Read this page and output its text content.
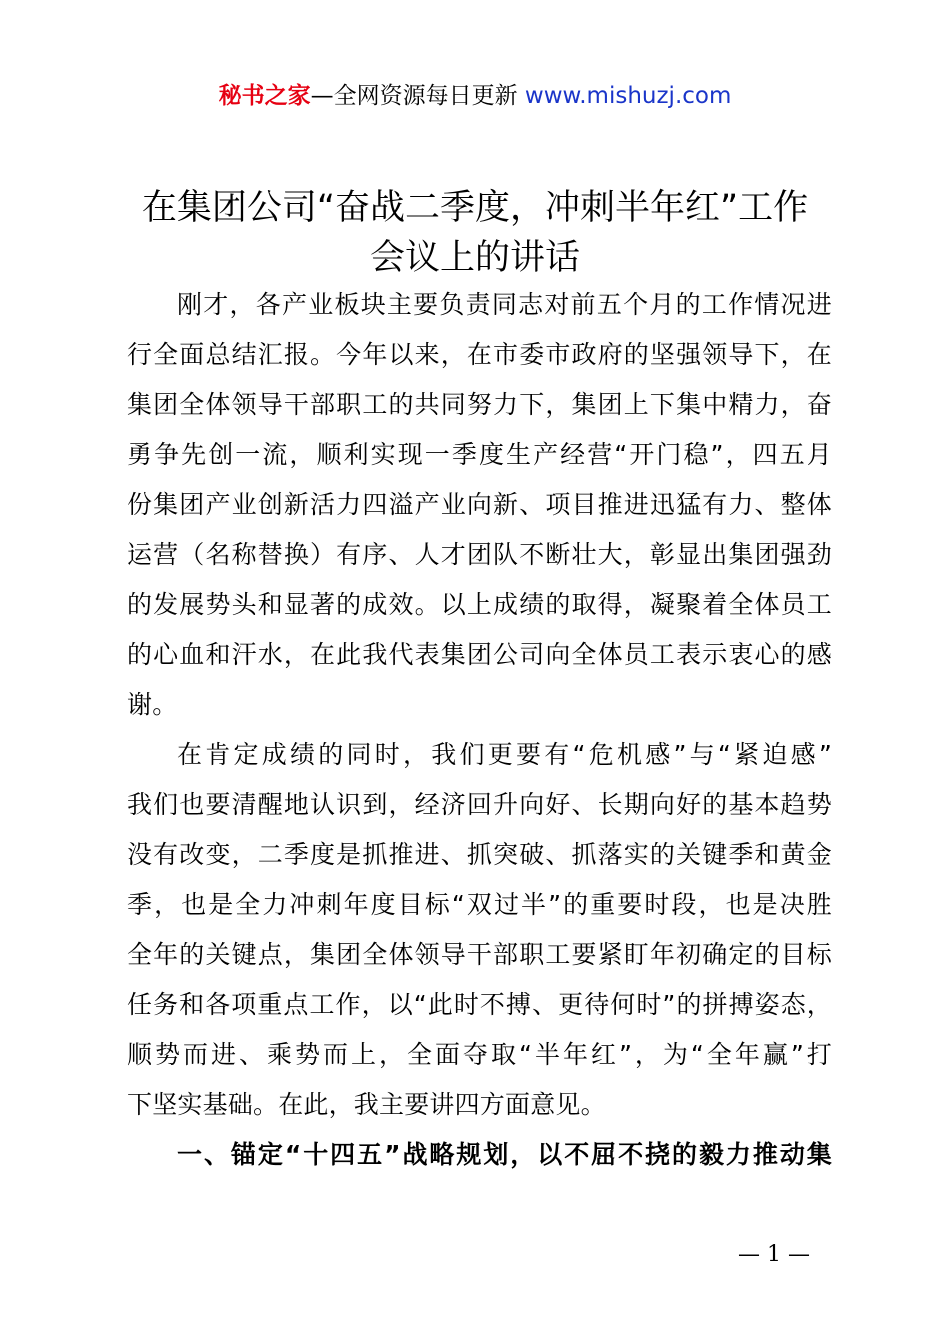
秘书之家—全网资源每日更新 www.mishuzj.com
在集团公司“奋战二季度，冲刺半年红”工作
会议上的讲话

刚才，各产业板块主要负责同志对前五个月的工作情况进
行全面总结汇报。今年以来，在市委市政府的坚强领导下，在
集团全体领导干部职工的共同努力下，集团上下集中精力，奋
勇争先创一流，顺利实现一季度生产经营“开门稳”，四五月
份集团产业创新活力四溢产业向新、项目推进迅猛有力、整体
运营（名称替换）有序、人才团队不断壮大，彰显出集团强劲
的发展势头和显著的成效。以上成绩的取得，凝聚着全体员工
的心血和汗水，在此我代表集团公司向全体员工表示衷心的感
谢。

在肯定成绩的同时，我们更要有“危机感”与“紧迫感”
我们也要清醒地认识到，经济回升向好、长期向好的基本趋势
没有改变，二季度是抓推进、抓突破、抓落实的关键季和黄金
季，也是全力冲刺年度目标“双过半”的重要时段，也是决胜
全年的关键点，集团全体领导干部职工要紧盯年初确定的目标
任务和各项重点工作，以“此时不搏、更待何时”的拼搏姿态，
顺势而进、乘势而上，全面夺取“半年红”，为“全年赢”打
下坚实基础。在此，我主要讲四方面意见。

一、锚定“十四五”战略规划，以不屈不挠的毅力推动集

— 1 —
